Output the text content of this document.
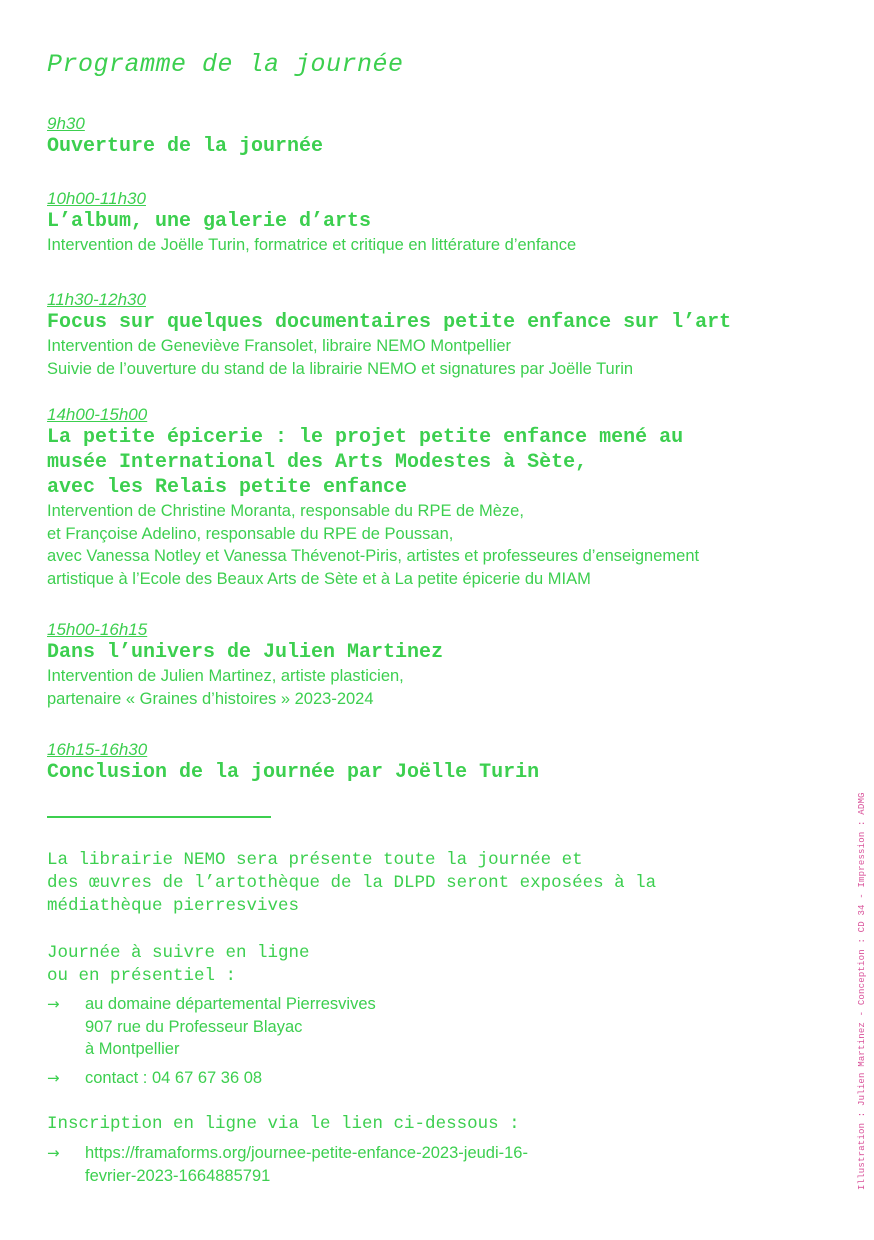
Programme de la journée
9h30
Ouverture de la journée
10h00-11h30
L’album, une galerie d’arts
Intervention de Joëlle Turin, formatrice et critique en littérature d’enfance
11h30-12h30
Focus sur quelques documentaires petite enfance sur l’art
Intervention de Geneviève Fransolet, libraire NEMO Montpellier
Suivie de l’ouverture du stand de la librairie NEMO et signatures par Joëlle Turin
14h00-15h00
La petite épicerie : le projet petite enfance mené au
musée International des Arts Modestes à Sète,
avec les Relais petite enfance
Intervention de Christine Moranta, responsable du RPE de Mèze,
et Françoise Adelino, responsable du RPE de Poussan,
avec Vanessa Notley et Vanessa Thévenot-Piris, artistes et professeures d’enseignement
artistique à l’Ecole des Beaux Arts de Sète et à La petite épicerie du MIAM
15h00-16h15
Dans l’univers de Julien Martinez
Intervention de Julien Martinez, artiste plasticien,
partenaire « Graines d’histoires » 2023-2024
16h15-16h30
Conclusion de la journée par Joëlle Turin
La librairie NEMO sera présente toute la journée et
des œuvres de l’artothèque de la DLPD seront exposées à la
médiathèque pierresvives
Journée à suivre en ligne
ou en présentiel :
→	au domaine départemental Pierresvives
907 rue du Professeur Blayac
à Montpellier
→	contact : 04 67 67 36 08
Inscription en ligne via le lien ci-dessous :
→	https://framaforms.org/journee-petite-enfance-2023-jeudi-16-
fevrier-2023-1664885791	Illustration : Julien Martinez - Conception : CD 34 - Impression : ADMG
